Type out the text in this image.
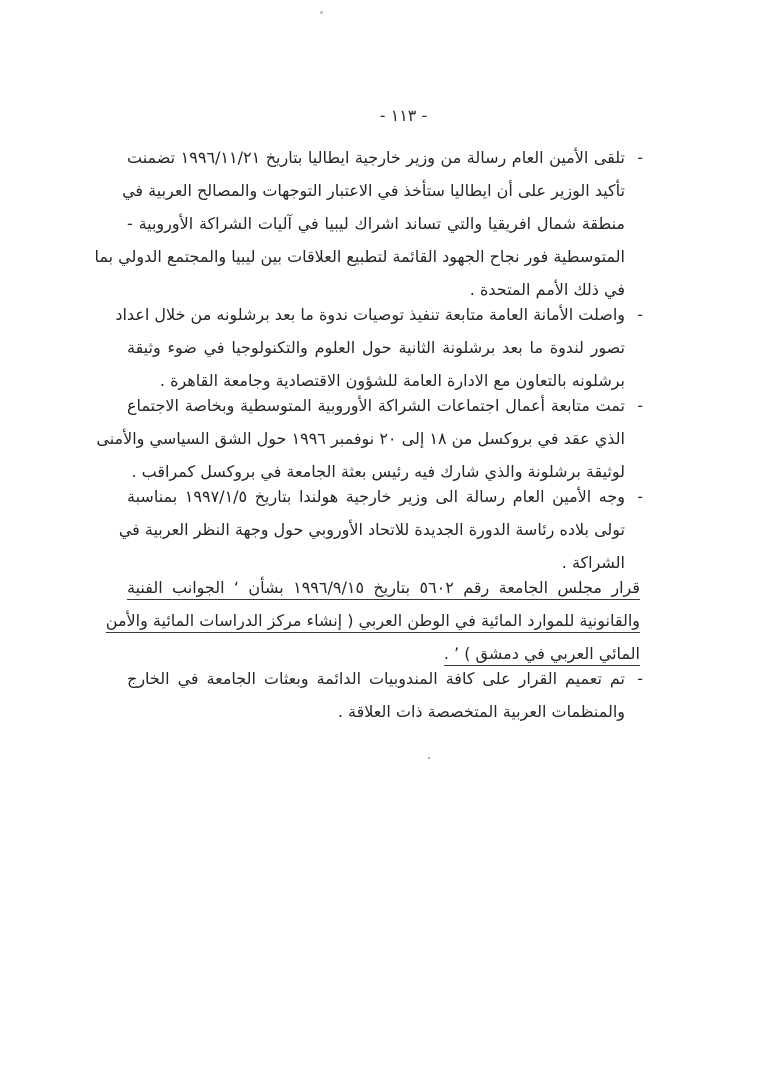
- ١١٣ -
-
تلقى الأمين العام رسالة من وزير خارجية ايطاليا بتاريخ ١٩٩٦/١١/٢١ تضمنت
تأكيد الوزير على أن ايطاليا ستأخذ في الاعتبار التوجهات والمصالح العربية في
منطقة شمال افريقيا والتي تساند اشراك ليبيا في آليات الشراكة الأوروبية -
المتوسطية فور نجاح الجهود القائمة لتطبيع العلاقات بين ليبيا والمجتمع الدولي بما
في ذلك الأمم المتحدة .
-
واصلت الأمانة العامة متابعة تنفيذ توصيات ندوة ما بعد برشلونه من خلال اعداد
تصور لندوة ما بعد برشلونة الثانية حول العلوم والتكنولوجيا في ضوء وثيقة
برشلونه بالتعاون مع الادارة العامة للشؤون الاقتصادية وجامعة القاهرة .
-
تمت متابعة أعمال اجتماعات الشراكة الأوروبية المتوسطية وبخاصة الاجتماع
الذي عقد في بروكسل من ١٨ إلى ٢٠ نوفمبر ١٩٩٦ حول الشق السياسي والأمنى
لوثيقة برشلونة والذي شارك فيه رئيس بعثة الجامعة في بروكسل كمراقب .
-
وجه الأمين العام رسالة الى وزير خارجية هولندا بتاريخ ١٩٩٧/١/٥ بمناسبة
تولى بلاده رئاسة الدورة الجديدة للاتحاد الأوروبي حول وجهة النظر العربية في
الشراكة .
قرار مجلس الجامعة رقم ٥٦٠٢ بتاريخ ١٩٩٦/٩/١٥ بشأن ‘ الجوانب الفنية
والقانونية للموارد المائية في الوطن العربي ( إنشاء مركز الدراسات المائية والأمن
المائي العربي في دمشق ) ’ .
-
تم تعميم القرار على كافة المندوبيات الدائمة وبعثات الجامعة في الخارج
والمنظمات العربية المتخصصة ذات العلاقة .
